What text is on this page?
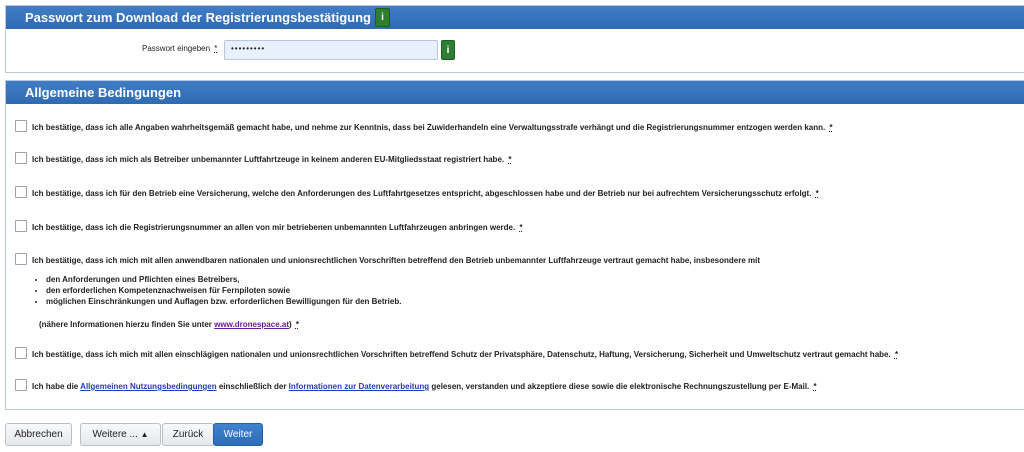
Passwort zum Download der Registrierungsbestätigung	i
Passwort eingeben *	•••••••••	i
Allgemeine Bedingungen
Ich bestätige, dass ich alle Angaben wahrheitsgemäß gemacht habe, und nehme zur Kenntnis, dass bei Zuwiderhandeln eine Verwaltungsstrafe verhängt und die Registrierungsnummer entzogen werden kann. *
Ich bestätige, dass ich mich als Betreiber unbemannter Luftfahrtzeuge in keinem anderen EU-Mitgliedsstaat registriert habe. *
Ich bestätige, dass ich für den Betrieb eine Versicherung, welche den Anforderungen des Luftfahrtgesetzes entspricht, abgeschlossen habe und der Betrieb nur bei aufrechtem Versicherungsschutz erfolgt. *
Ich bestätige, dass ich die Registrierungsnummer an allen von mir betriebenen unbemannten Luftfahrzeugen anbringen werde. *
Ich bestätige, dass ich mich mit allen anwendbaren nationalen und unionsrechtlichen Vorschriften betreffend den Betrieb unbemannter Luftfahrzeuge vertraut gemacht habe, insbesondere mit
• den Anforderungen und Pflichten eines Betreibers,
• den erforderlichen Kompetenznachweisen für Fernpiloten sowie
• möglichen Einschränkungen und Auflagen bzw. erforderlichen Bewilligungen für den Betrieb.
(nähere Informationen hierzu finden Sie unter www.dronespace.at) *
Ich bestätige, dass ich mich mit allen einschlägigen nationalen und unionsrechtlichen Vorschriften betreffend Schutz der Privatsphäre, Datenschutz, Haftung, Versicherung, Sicherheit und Umweltschutz vertraut gemacht habe. *
Ich habe die Allgemeinen Nutzungsbedingungen einschließlich der Informationen zur Datenverarbeitung gelesen, verstanden und akzeptiere diese sowie die elektronische Rechnungszustellung per E-Mail. *
Abbrechen	Weitere ...
▲	Zurück	Weiter
